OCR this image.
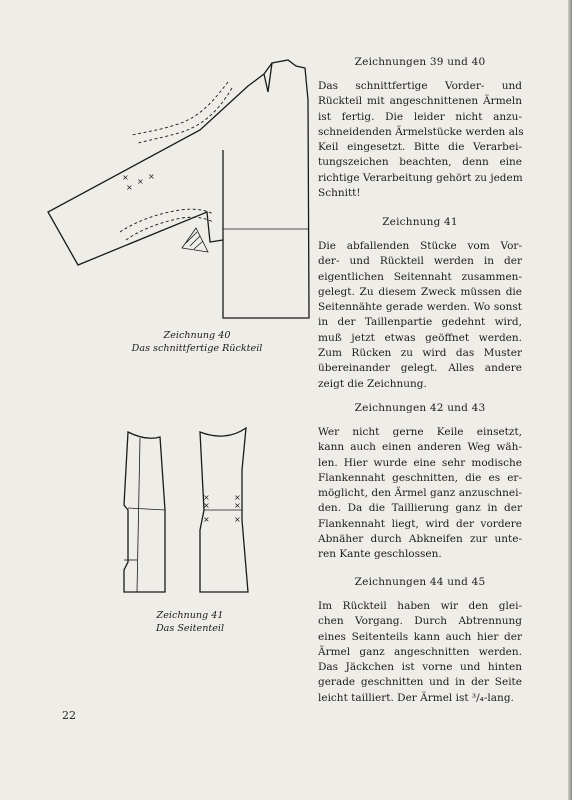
×
×
×
×
×
×
×
×
×
×
Zeichnung 40
Das schnittfertige Rückteil
Zeichnung 41
Das Seitenteil
Zeichnungen 39 und 40
Das schnittfertige Vorder- und
Rückteil mit angeschnittenen Ärmeln
ist fertig. Die leider nicht anzu-
schneidenden Ärmelstücke werden als
Keil eingesetzt. Bitte die Verarbei-
tungszeichen beachten, denn eine
richtige Verarbeitung gehört zu jedem
Schnitt!
Zeichnung 41
Die abfallenden Stücke vom Vor-
der- und Rückteil werden in der
eigentlichen Seitennaht zusammen-
gelegt. Zu diesem Zweck müssen die
Seitennähte gerade werden. Wo sonst
in der Taillenpartie gedehnt wird,
muß jetzt etwas geöffnet werden.
Zum Rücken zu wird das Muster
übereinander gelegt. Alles andere
zeigt die Zeichnung.
Zeichnungen 42 und 43
Wer nicht gerne Keile einsetzt,
kann auch einen anderen Weg wäh-
len. Hier wurde eine sehr modische
Flankennaht geschnitten, die es er-
möglicht, den Ärmel ganz anzuschnei-
den. Da die Taillierung ganz in der
Flankennaht liegt, wird der vordere
Abnäher durch Abkneifen zur unte-
ren Kante geschlossen.
Zeichnungen 44 und 45
Im Rückteil haben wir den glei-
chen Vorgang. Durch Abtrennung
eines Seitenteils kann auch hier der
Ärmel ganz angeschnitten werden.
Das Jäckchen ist vorne und hinten
gerade geschnitten und in der Seite
leicht tailliert. Der Ärmel ist ³/₄-lang.
22
